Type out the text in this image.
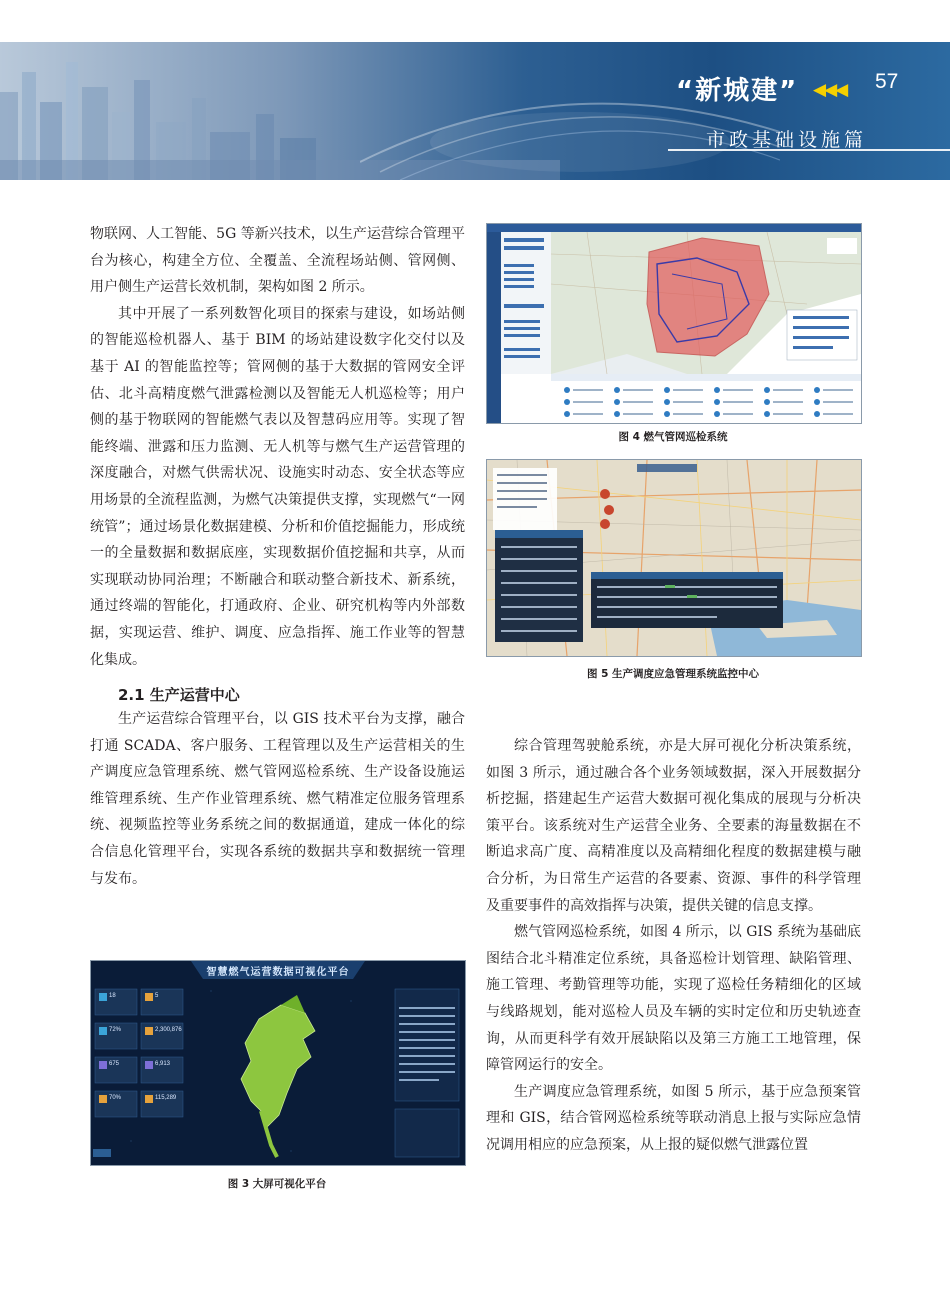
“新城建” ◀◀◀ 57
市政基础设施篇

物联网、人工智能、5G 等新兴技术，以生产运营综合管理平台为核心，构建全方位、全覆盖、全流程场站侧、管网侧、用户侧生产运营长效机制，架构如图 2 所示。

其中开展了一系列数智化项目的探索与建设，如场站侧的智能巡检机器人、基于 BIM 的场站建设数字化交付以及基于 AI 的智能监控等；管网侧的基于大数据的管网安全评估、北斗高精度燃气泄露检测以及智能无人机巡检等；用户侧的基于物联网的智能燃气表以及智慧码应用等。实现了智能终端、泄露和压力监测、无人机等与燃气生产运营管理的深度融合，对燃气供需状况、设施实时动态、安全状态等应用场景的全流程监测，为燃气决策提供支撑，实现燃气“一网统管”；通过场景化数据建模、分析和价值挖掘能力，形成统一的全量数据和数据底座，实现数据价值挖掘和共享，从而实现联动协同治理；不断融合和联动整合新技术、新系统，通过终端的智能化，打通政府、企业、研究机构等内外部数据，实现运营、维护、调度、应急指挥、施工作业等的智慧化集成。

2.1 生产运营中心

生产运营综合管理平台，以 GIS 技术平台为支撑，融合打通 SCADA、客户服务、工程管理以及生产运营相关的生产调度应急管理系统、燃气管网巡检系统、生产设备设施运维管理系统、生产作业管理系统、燃气精准定位服务管理系统、视频监控等业务系统之间的数据通道，建成一体化的综合信息化管理平台，实现各系统的数据共享和数据统一管理与发布。

综合管理驾驶舱系统，亦是大屏可视化分析决策系统，如图 3 所示，通过融合各个业务领域数据，深入开展数据分析挖掘，搭建起生产运营大数据可视化集成的展现与分析决策平台。该系统对生产运营全业务、全要素的海量数据在不断追求高广度、高精准度以及高精细化程度的数据建模与融合分析，为日常生产运营的各要素、资源、事件的科学管理及重要事件的高效指挥与决策，提供关键的信息支撑。

燃气管网巡检系统，如图 4 所示，以 GIS 系统为基础底图结合北斗精准定位系统，具备巡检计划管理、缺陷管理、施工管理、考勤管理等功能，实现了巡检任务精细化的区域与线路规划，能对巡检人员及车辆的实时定位和历史轨迹查询，从而更科学有效开展缺陷以及第三方施工工地管理，保障管网运行的安全。

生产调度应急管理系统，如图 5 所示，基于应急预案管理和 GIS，结合管网巡检系统等联动消息上报与实际应急情况调用相应的应急预案，从上报的疑似燃气泄露位置

图 4 燃气管网巡检系统
图 5 生产调度应急管理系统监控中心
智慧燃气运营数据可视化平台
18	5
72%	2,300,876
675	6,913
70%	115,289
图 3 大屏可视化平台
